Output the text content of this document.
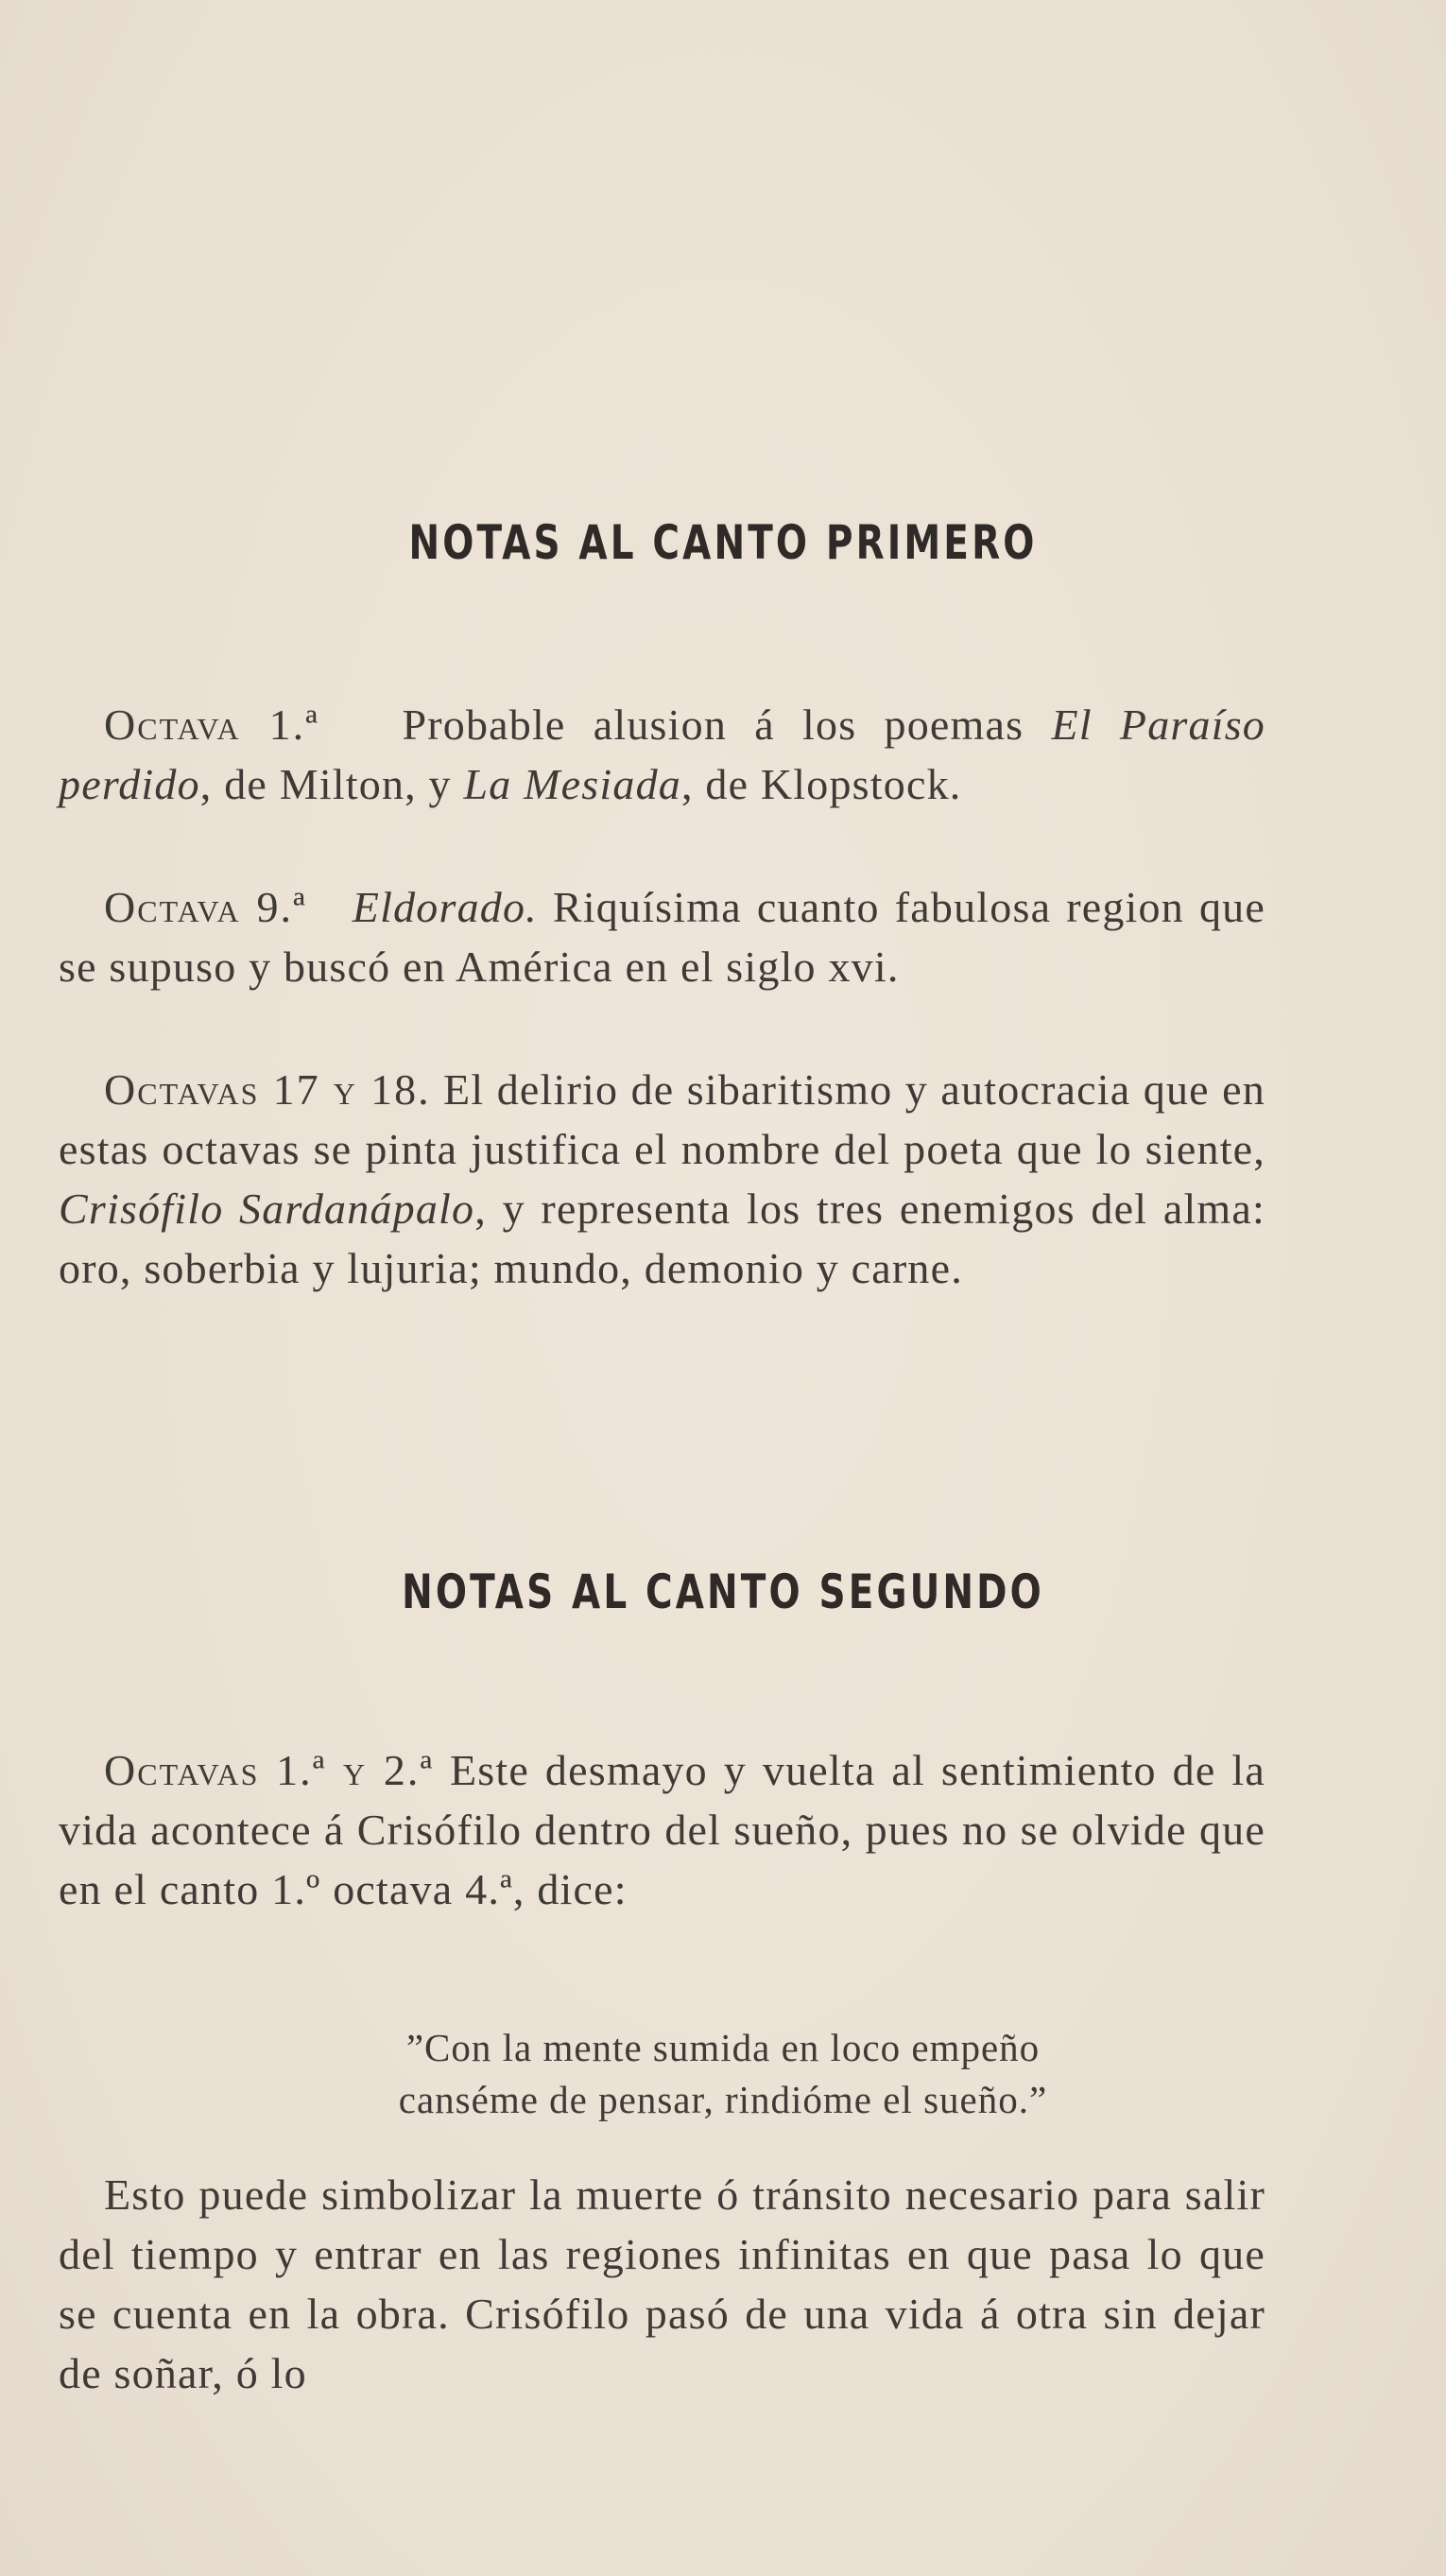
NOTAS AL CANTO PRIMERO
Octava 1.ª Probable alusion á los poemas El Paraíso perdido, de Milton, y La Mesiada, de Klopstock.
Octava 9.ª Eldorado. Riquísima cuanto fabulosa region que se supuso y buscó en América en el siglo xvi.
Octavas 17 y 18. El delirio de sibaritismo y autocracia que en estas octavas se pinta justifica el nombre del poeta que lo siente, Crisófilo Sardanápalo, y representa los tres enemigos del alma: oro, soberbia y lujuria; mundo, demonio y carne.
NOTAS AL CANTO SEGUNDO
Octavas 1.ª y 2.ª Este desmayo y vuelta al sentimiento de la vida acontece á Crisófilo dentro del sueño, pues no se olvide que en el canto 1.º octava 4.ª, dice:
”Con la mente sumida en loco empeño
canséme de pensar, rindióme el sueño.”
Esto puede simbolizar la muerte ó tránsito necesario para salir del tiempo y entrar en las regiones infinitas en que pasa lo que se cuenta en la obra. Crisófilo pasó de una vida á otra sin dejar de soñar, ó lo
